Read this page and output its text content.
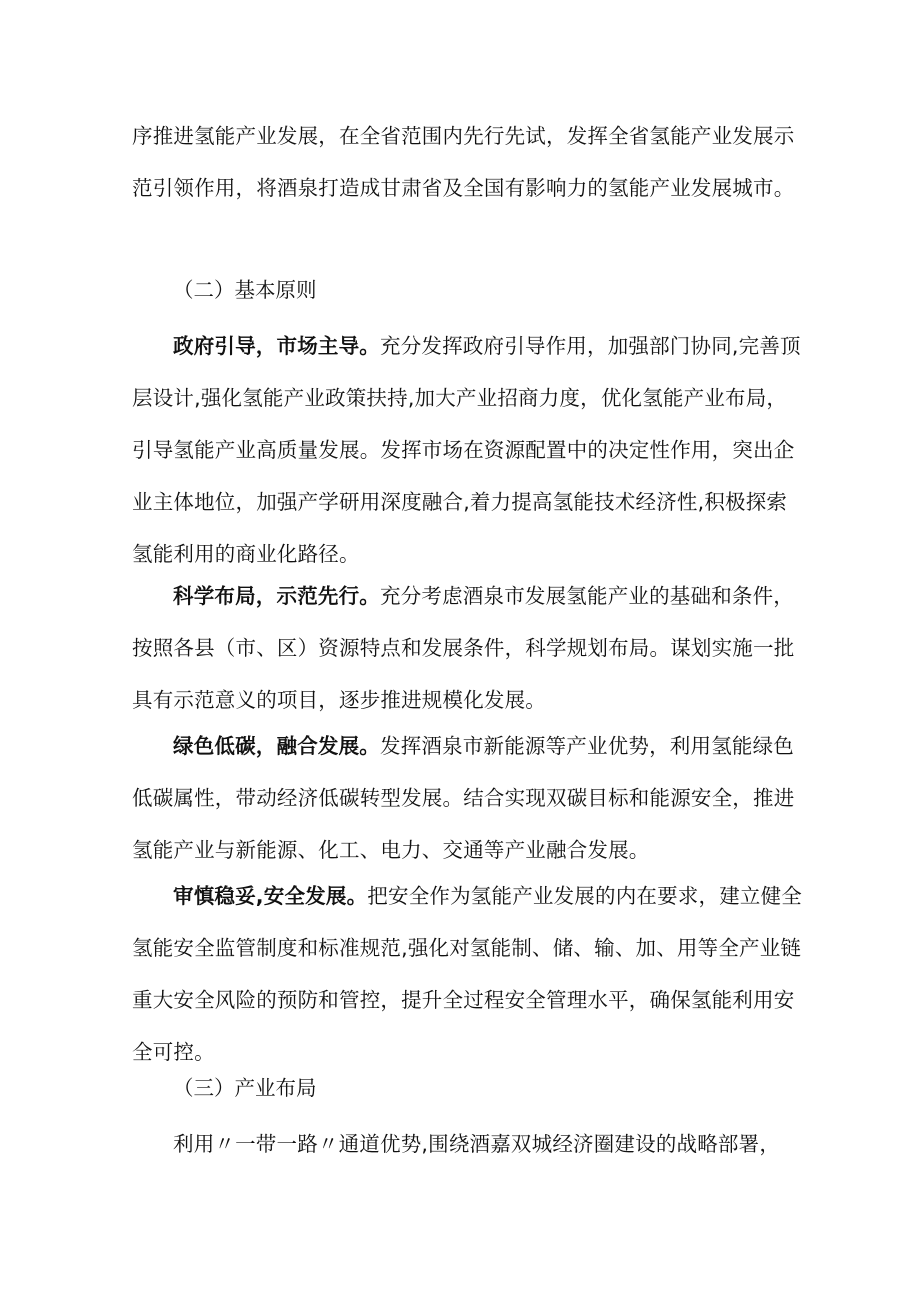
序推进氢能产业发展，在全省范围内先行先试，发挥全省氢能产业发展示范引领作用，将酒泉打造成甘肃省及全国有影响力的氢能产业发展城市。

（二）基本原则

政府引导，市场主导。充分发挥政府引导作用，加强部门协同,完善顶层设计,强化氢能产业政策扶持,加大产业招商力度，优化氢能产业布局，引导氢能产业高质量发展。发挥市场在资源配置中的决定性作用，突出企业主体地位，加强产学研用深度融合,着力提高氢能技术经济性,积极探索氢能利用的商业化路径。

科学布局，示范先行。充分考虑酒泉市发展氢能产业的基础和条件，按照各县（市、区）资源特点和发展条件，科学规划布局。谋划实施一批具有示范意义的项目，逐步推进规模化发展。

绿色低碳，融合发展。发挥酒泉市新能源等产业优势，利用氢能绿色低碳属性，带动经济低碳转型发展。结合实现双碳目标和能源安全，推进氢能产业与新能源、化工、电力、交通等产业融合发展。

审慎稳妥,安全发展。把安全作为氢能产业发展的内在要求，建立健全氢能安全监管制度和标准规范,强化对氢能制、储、输、加、用等全产业链重大安全风险的预防和管控，提升全过程安全管理水平，确保氢能利用安全可控。

（三）产业布局

利用〃一带一路〃通道优势,围绕酒嘉双城经济圈建设的战略部署，
